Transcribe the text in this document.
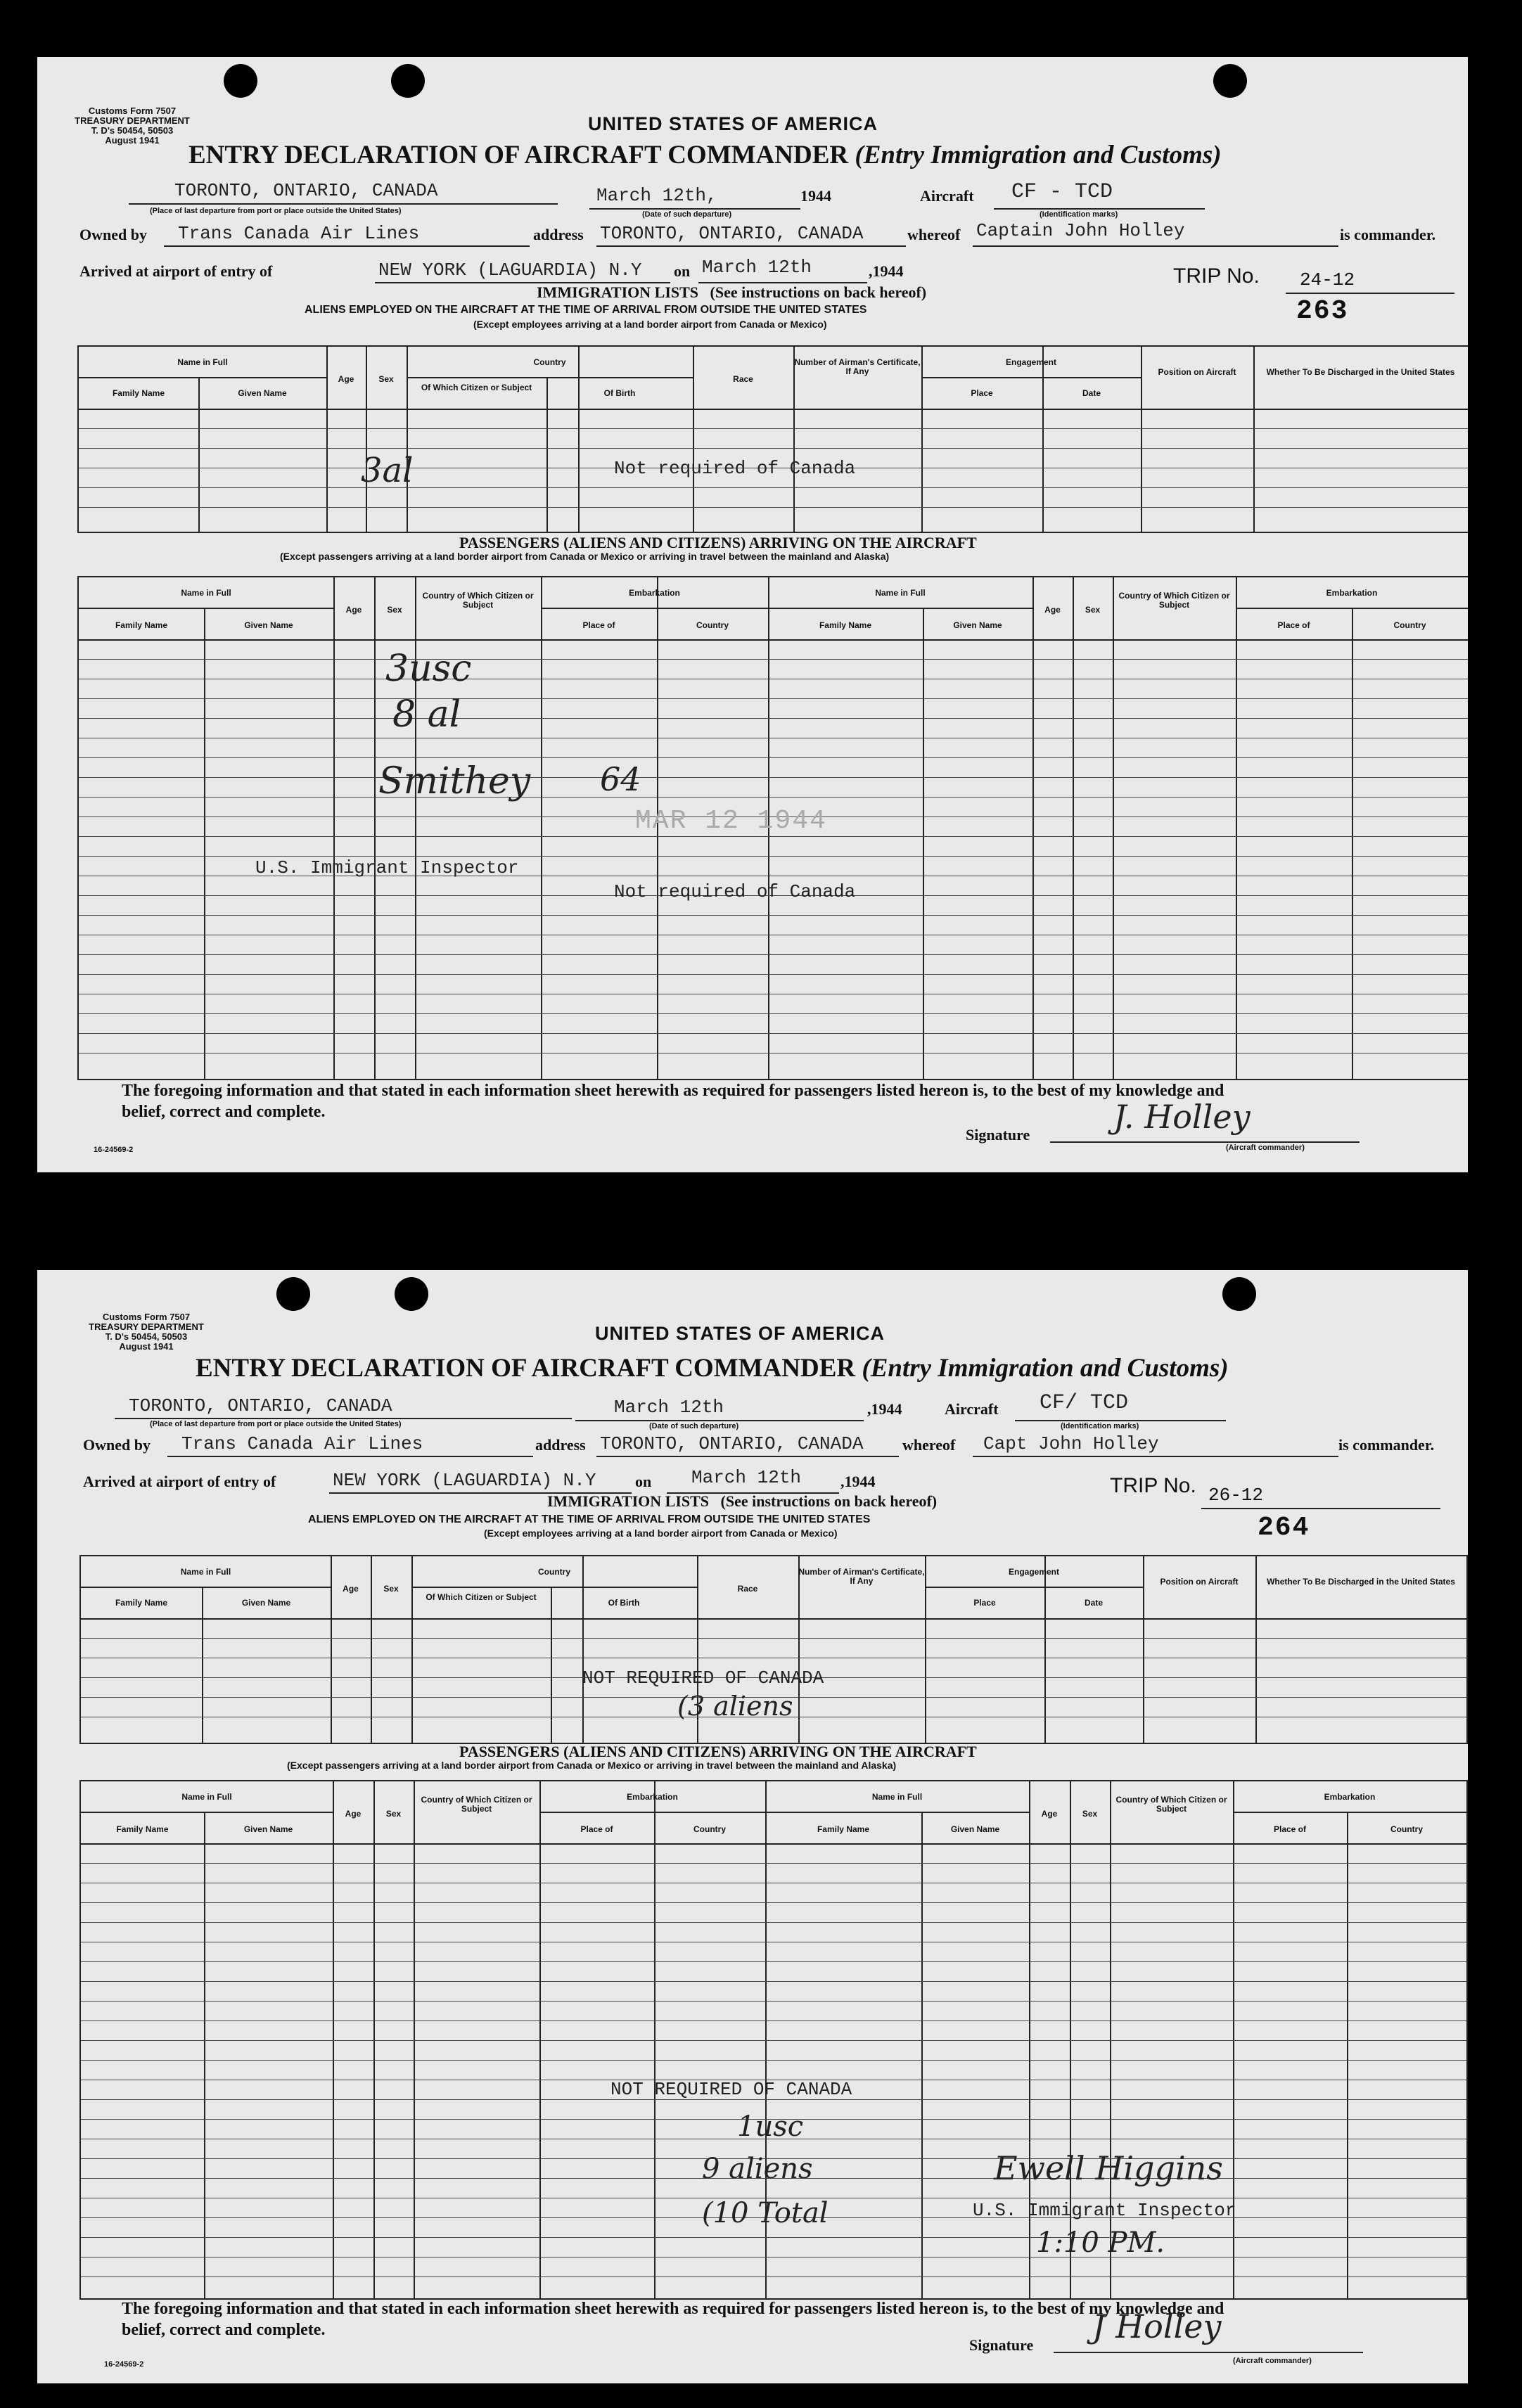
Customs Form 7507
TREASURY DEPARTMENT
T. D's 50454, 50503
August 1941
UNITED STATES OF AMERICA
ENTRY DECLARATION OF AIRCRAFT COMMANDER (Entry Immigration and Customs)
TORONTO, ONTARIO, CANADA
(Place of last departure from port or place outside the United States)
March 12th,	1944
(Date of such departure)
Aircraft CF - TCD
(Identification marks)
Owned by Trans Canada Air Lines	address TORONTO, ONTARIO, CANADA	whereof Captain John Holley	is commander.
Arrived at airport of entry of	NEW YORK (LAGUARDIA) N.Y on March 12th	,1944	TRIP No. 24-12
263
IMMIGRATION LISTS (See instructions on back hereof)
ALIENS EMPLOYED ON THE AIRCRAFT AT THE TIME OF ARRIVAL FROM OUTSIDE THE UNITED STATES
(Except employees arriving at a land border airport from Canada or Mexico)
Name in Full
Family Name	Given Name
Age	Sex
Country
Of Which Citizen or Subject
Of Birth
Race
Number of Airman's Certificate, If Any
Engagement
Place	Date
Position on Aircraft	Whether To Be Discharged in the United States
Not required of Canada
3al
PASSENGERS (ALIENS AND CITIZENS) ARRIVING ON THE AIRCRAFT
(Except passengers arriving at a land border airport from Canada or Mexico or arriving in travel between the mainland and Alaska)
Name in Full
Family Name	Given Name
Age	Sex
Country of Which Citizen or Subject
Embarkation
Place of	Country
Name in Full
Family Name	Given Name
Age	Sex
Country of Which Citizen or Subject
Embarkation
Place of	Country
3usc
8 al
Smithey 64
MAR 12 1944
U.S. Immigrant Inspector
Not required of Canada
The foregoing information and that stated in each information sheet herewith as required for passengers listed hereon is, to the best of my knowledge and
belief, correct and complete.
Signature	J. Holley
(Aircraft commander)
16-24569-2
Customs Form 7507
TREASURY DEPARTMENT
T. D's 50454, 50503
August 1941
UNITED STATES OF AMERICA
ENTRY DECLARATION OF AIRCRAFT COMMANDER (Entry Immigration and Customs)
TORONTO, ONTARIO, CANADA
(Place of last departure from port or place outside the United States)
March 12th	,1944
(Date of such departure)
Aircraft CF/ TCD
(Identification marks)
Owned by Trans Canada Air Lines	address TORONTO, ONTARIO, CANADA	whereof Capt John Holley	is commander.
Arrived at airport of entry of	NEW YORK (LAGUARDIA) N.Y	on March 12th	,1944	TRIP No. 26-12
264
IMMIGRATION LISTS (See instructions on back hereof)
ALIENS EMPLOYED ON THE AIRCRAFT AT THE TIME OF ARRIVAL FROM OUTSIDE THE UNITED STATES
(Except employees arriving at a land border airport from Canada or Mexico)
Name in Full
Family Name	Given Name
Age	Sex
Country
Of Which Citizen or Subject
Of Birth
Race
Number of Airman's Certificate, If Any
Engagement
Place	Date
Position on Aircraft	Whether To Be Discharged in the United States
NOT REQUIRED OF CANADA
(3 aliens
PASSENGERS (ALIENS AND CITIZENS) ARRIVING ON THE AIRCRAFT
(Except passengers arriving at a land border airport from Canada or Mexico or arriving in travel between the mainland and Alaska)
Name in Full
Family Name	Given Name
Age	Sex
Country of Which Citizen or Subject
Embarkation
Place of	Country
Name in Full
Family Name	Given Name
Age	Sex
Country of Which Citizen or Subject
Embarkation
Place of	Country
NOT REQUIRED OF CANADA
1usc
9 aliens
(10 Total
Ewell Higgins
U.S. Immigrant Inspector
1:10 PM.
The foregoing information and that stated in each information sheet herewith as required for passengers listed hereon is, to the best of my knowledge and
belief, correct and complete.
Signature J Holley
(Aircraft commander)
16-24569-2
